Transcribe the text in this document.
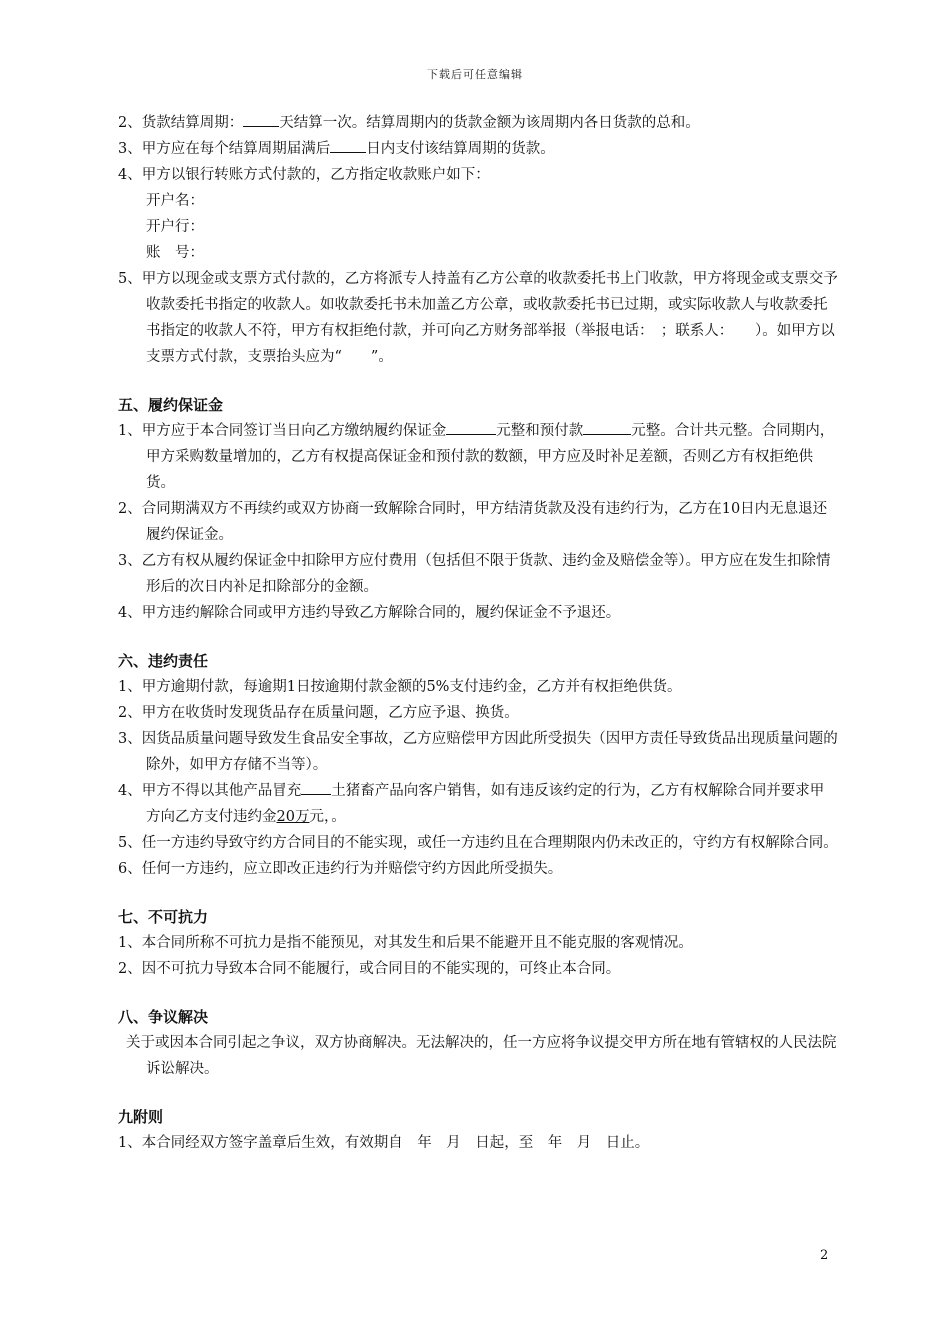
下载后可任意编辑

2、货款结算周期： 天结算一次。结算周期内的货款金额为该周期内各日货款的总和。

3、甲方应在每个结算周期届满后 日内支付该结算周期的货款。

4、甲方以银行转账方式付款的，乙方指定收款账户如下：

开户名：

开户行：

账　号：

5、甲方以现金或支票方式付款的，乙方将派专人持盖有乙方公章的收款委托书上门收款，甲方将现金或支票交予收款委托书指定的收款人。如收款委托书未加盖乙方公章，或收款委托书已过期，或实际收款人与收款委托书指定的收款人不符，甲方有权拒绝付款，并可向乙方财务部举报（举报电话：　；联系人：　　）。如甲方以支票方式付款，支票抬头应为“　　”。

五、履约保证金

1、甲方应于本合同签订当日向乙方缴纳履约保证金	元整和预付款	元整。合计共元整。合同期内，甲方采购数量增加的，乙方有权提高保证金和预付款的数额，甲方应及时补足差额，否则乙方有权拒绝供货。

2、合同期满双方不再续约或双方协商一致解除合同时，甲方结清货款及没有违约行为，乙方在10日内无息退还履约保证金。

3、乙方有权从履约保证金中扣除甲方应付费用（包括但不限于货款、违约金及赔偿金等）。甲方应在发生扣除情形后的次日内补足扣除部分的金额。

4、甲方违约解除合同或甲方违约导致乙方解除合同的，履约保证金不予退还。

六、违约责任

1、甲方逾期付款，每逾期1日按逾期付款金额的5%支付违约金，乙方并有权拒绝供货。

2、甲方在收货时发现货品存在质量问题，乙方应予退、换货。

3、因货品质量问题导致发生食品安全事故，乙方应赔偿甲方因此所受损失（因甲方责任导致货品出现质量问题的除外，如甲方存储不当等）。

4、甲方不得以其他产品冒充 土猪畜产品向客户销售，如有违反该约定的行为，乙方有权解除合同并要求甲方向乙方支付违约金20万元，。

5、任一方违约导致守约方合同目的不能实现，或任一方违约且在合理期限内仍未改正的，守约方有权解除合同。

6、任何一方违约，应立即改正违约行为并赔偿守约方因此所受损失。

七、不可抗力

1、本合同所称不可抗力是指不能预见，对其发生和后果不能避开且不能克服的客观情况。

2、因不可抗力导致本合同不能履行，或合同目的不能实现的，可终止本合同。

八、争议解决

关于或因本合同引起之争议，双方协商解决。无法解决的，任一方应将争议提交甲方所在地有管辖权的人民法院诉讼解决。

九附则

1、本合同经双方签字盖章后生效，有效期自　年　月　日起，至　年　月　日止。

2
